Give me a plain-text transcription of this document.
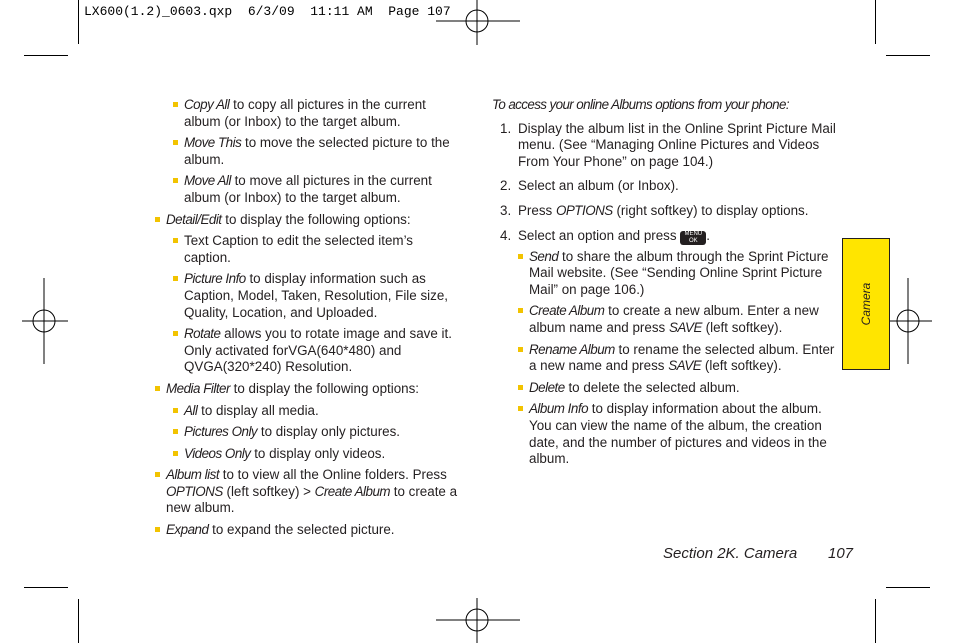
LX600(1.2)_0603.qxp  6/3/09  11:11 AM  Page 107

Copy All to copy all pictures in the current album (or Inbox) to the target album.

Move This to move the selected picture to the album.

Move All to move all pictures in the current album (or Inbox) to the target album.

Detail/Edit to display the following options:

Text Caption to edit the selected item’s caption.

Picture Info to display information such as Caption, Model, Taken, Resolution, File size, Quality, Location, and Uploaded.

Rotate allows you to rotate image and save it. Only activated forVGA(640*480) and QVGA(320*240) Resolution.

Media Filter to display the following options:

All to display all media.

Pictures Only to display only pictures.

Videos Only to display only videos.

Album list to to view all the Online folders. Press OPTIONS (left softkey) > Create Album to create a new album.

Expand to expand the selected picture.

To access your online Albums options from your phone:

1. Display the album list in the Online Sprint Picture Mail menu. (See “Managing Online Pictures and Videos From Your Phone” on page 104.)

2. Select an album (or Inbox).

3. Press OPTIONS (right softkey) to display options.

4. Select an option and press MENU
OK .

Send to share the album through the Sprint Picture Mail website. (See “Sending Online Sprint Picture Mail” on page 106.)

Create Album to create a new album. Enter a new album name and press SAVE (left softkey).

Rename Album to rename the selected album. Enter a new name and press SAVE (left softkey).

Delete to delete the selected album.

Album Info to display information about the album. You can view the name of the album, the creation date, and the number of pictures and videos in the album.

Camera
Section 2K. Camera 107
